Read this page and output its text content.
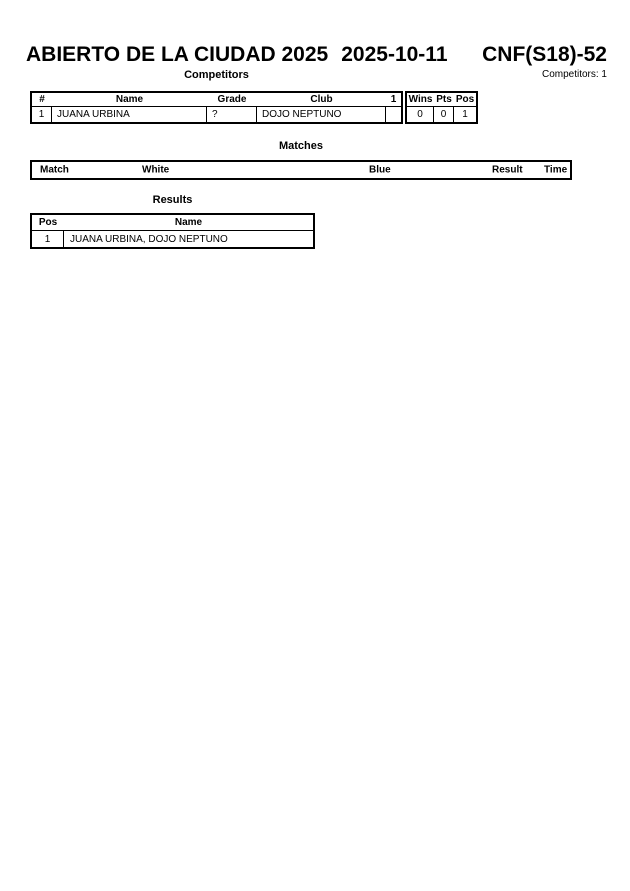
ABIERTO DE LA CIUDAD 2025 2025-10-11 CNF(S18)-52
Competitors	Competitors: 1
#	Name	Grade	Club	1
1	JUANA URBINA	?	DOJO NEPTUNO
Wins Pts Pos
0	0	1
Matches
Match	White	Blue	Result Time
Results
Pos	Name
1	JUANA URBINA, DOJO NEPTUNO
